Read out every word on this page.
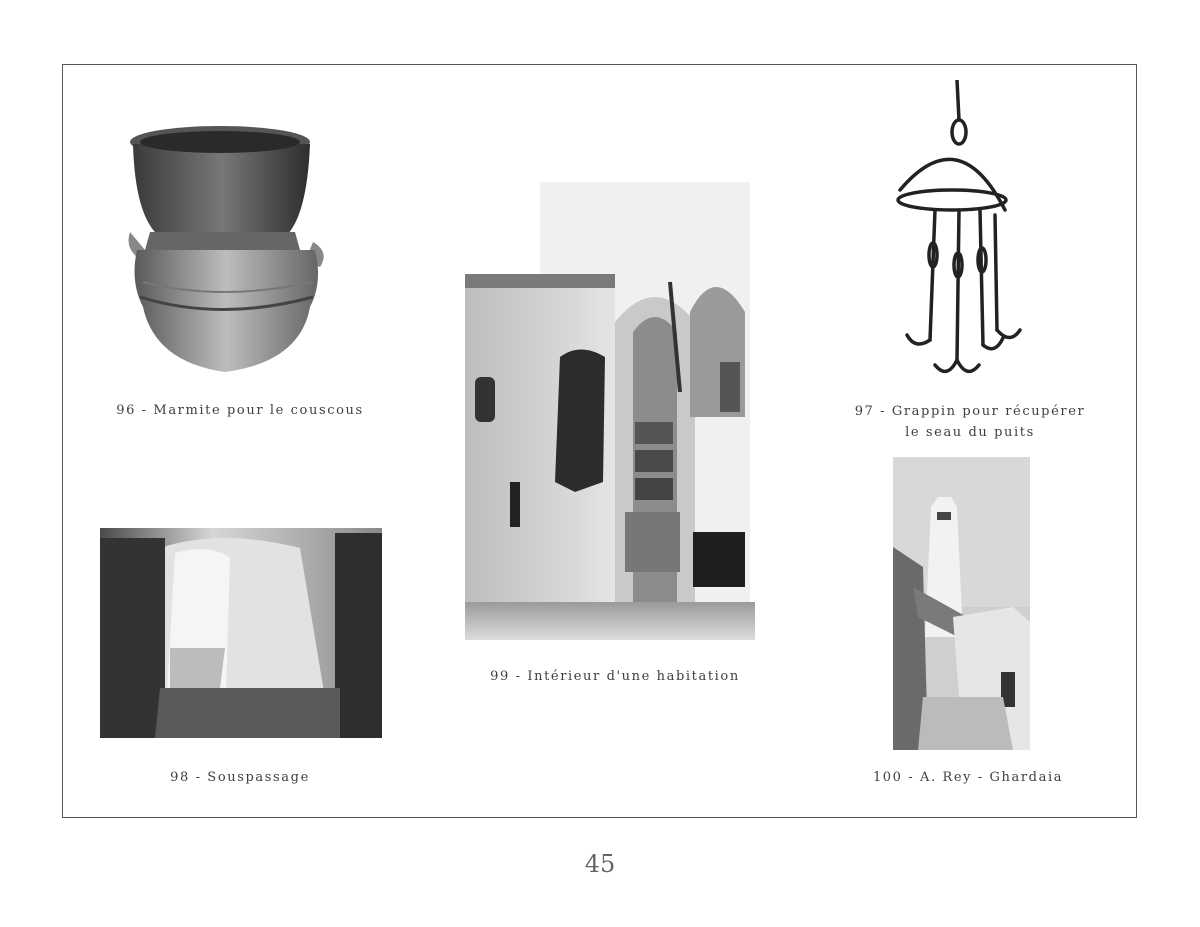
96 - Marmite pour le couscous	97 - Grappin pour récupérer
le seau du puits
99 - Intérieur d'une habitation
98 - Souspassage	100 - A. Rey - Ghardaia
45
